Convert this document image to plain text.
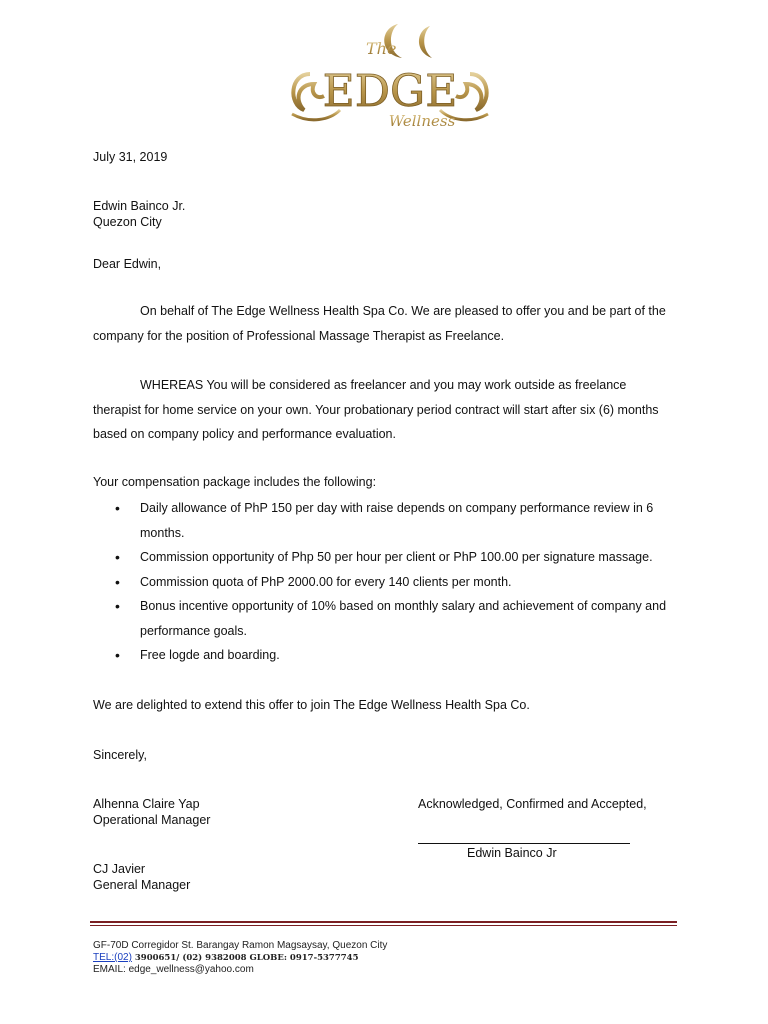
The
EDGE
Wellness
July 31, 2019
Edwin Bainco Jr.
Quezon City
Dear Edwin,
On behalf of The Edge Wellness Health Spa Co. We are pleased to offer you and be part of the company for the position of Professional Massage Therapist as Freelance.
WHEREAS You will be considered as freelancer and you may work outside as freelance therapist for home service on your own. Your probationary period contract will start after six (6) months based on company policy and performance evaluation.
Your compensation package includes the following:
• Daily allowance of PhP 150 per day with raise depends on company performance review in 6 months.
• Commission opportunity of Php 50 per hour per client or PhP 100.00 per signature massage.
• Commission quota of PhP 2000.00 for every 140 clients per month.
• Bonus incentive opportunity of 10% based on monthly salary and achievement of company and performance goals.
• Free logde and boarding.
We are delighted to extend this offer to join The Edge Wellness Health Spa Co.
Sincerely,
Alhenna Claire Yap
Operational Manager
Acknowledged, Confirmed and Accepted,
Edwin Bainco Jr
CJ Javier
General Manager
GF-70D Corregidor St. Barangay Ramon Magsaysay, Quezon City
TEL:(02) 3900651/ (02) 9382008 GLOBE: 0917-5377745
EMAIL: edge_wellness@yahoo.com
